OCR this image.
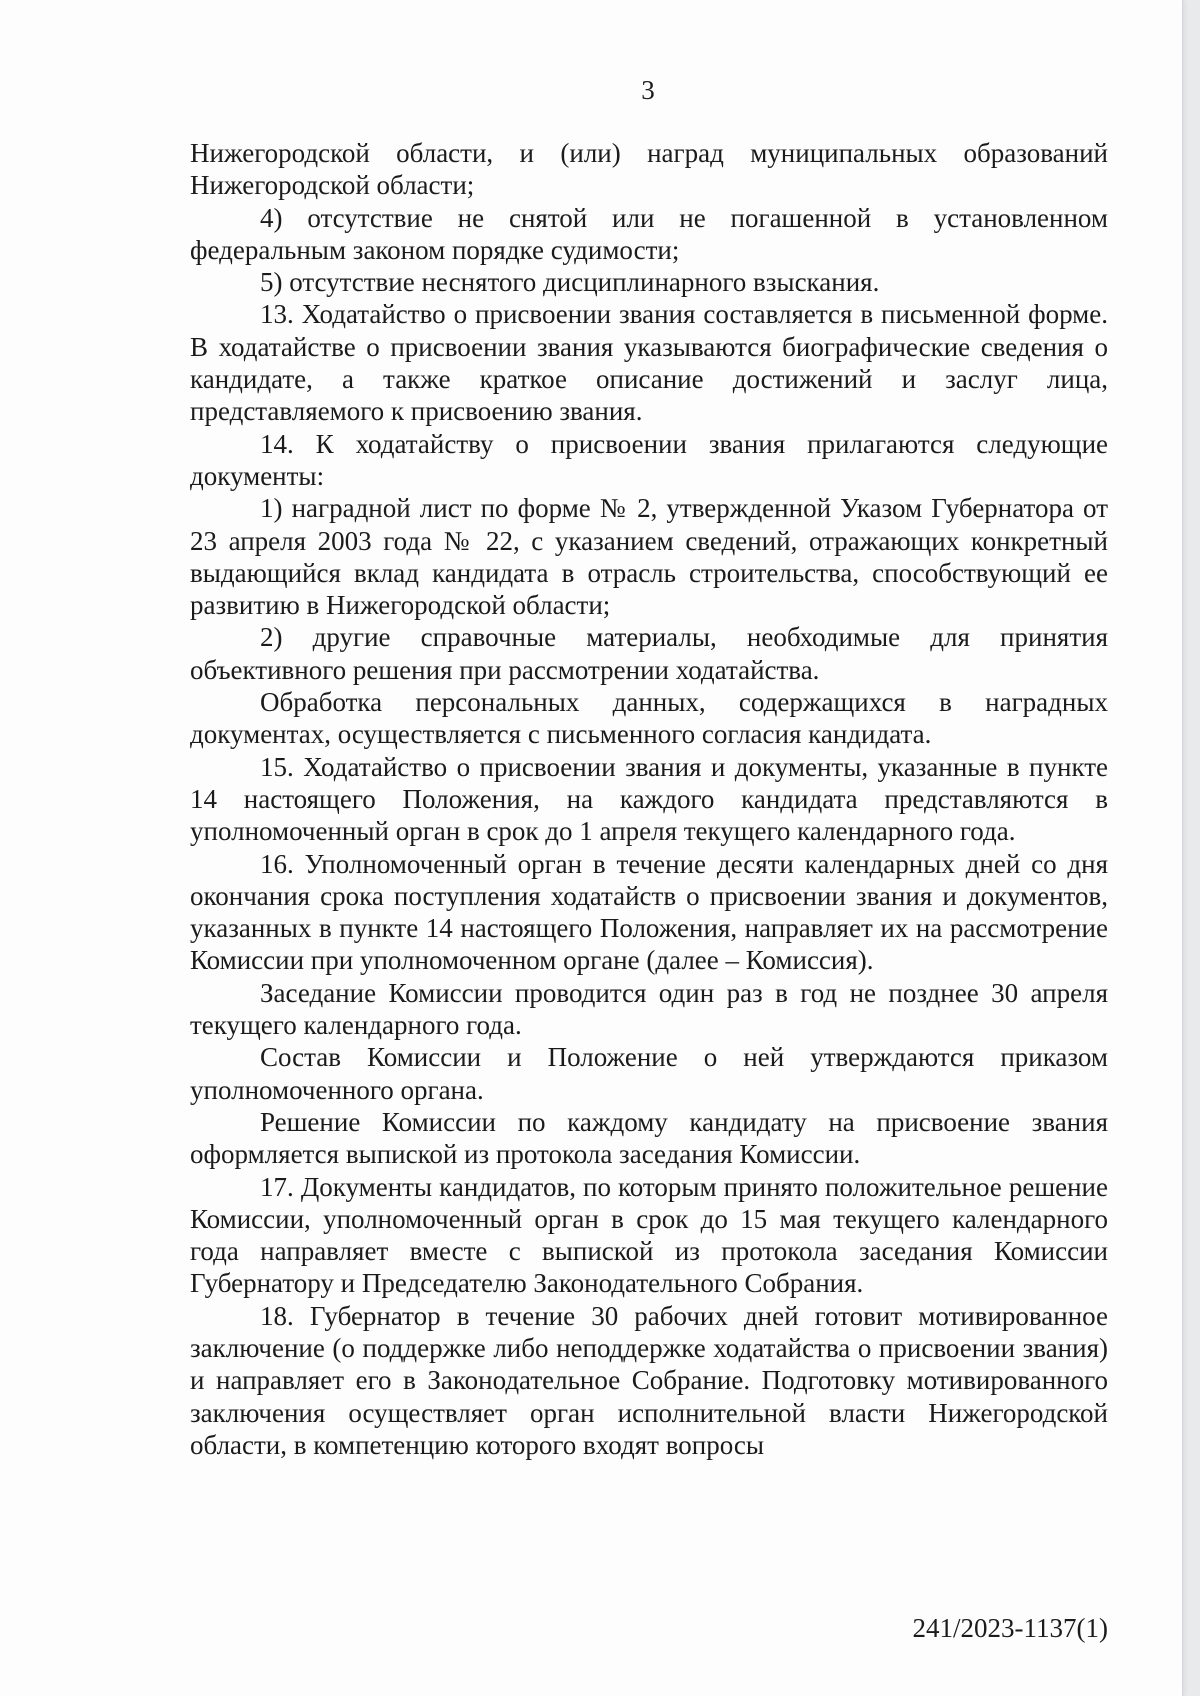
3

Нижегородской области, и (или) наград муниципальных образований Нижегородской области;

4) отсутствие не снятой или не погашенной в установленном федеральным законом порядке судимости;

5) отсутствие неснятого дисциплинарного взыскания.

13. Ходатайство о присвоении звания составляется в письменной форме. В ходатайстве о присвоении звания указываются биографические сведения о кандидате, а также краткое описание достижений и заслуг лица, представляемого к присвоению звания.

14. К ходатайству о присвоении звания прилагаются следующие документы:

1) наградной лист по форме № 2, утвержденной Указом Губернатора от 23 апреля 2003 года № 22, с указанием сведений, отражающих конкретный выдающийся вклад кандидата в отрасль строительства, способствующий ее развитию в Нижегородской области;

2) другие справочные материалы, необходимые для принятия объективного решения при рассмотрении ходатайства.

Обработка персональных данных, содержащихся в наградных документах, осуществляется с письменного согласия кандидата.

15. Ходатайство о присвоении звания и документы, указанные в пункте 14 настоящего Положения, на каждого кандидата представляются в уполномоченный орган в срок до 1 апреля текущего календарного года.

16. Уполномоченный орган в течение десяти календарных дней со дня окончания срока поступления ходатайств о присвоении звания и документов, указанных в пункте 14 настоящего Положения, направляет их на рассмотрение Комиссии при уполномоченном органе (далее – Комиссия).

Заседание Комиссии проводится один раз в год не позднее 30 апреля текущего календарного года.

Состав Комиссии и Положение о ней утверждаются приказом уполномоченного органа.

Решение Комиссии по каждому кандидату на присвоение звания оформляется выпиской из протокола заседания Комиссии.

17. Документы кандидатов, по которым принято положительное решение Комиссии, уполномоченный орган в срок до 15 мая текущего календарного года направляет вместе с выпиской из протокола заседания Комиссии Губернатору и Председателю Законодательного Собрания.

18. Губернатор в течение 30 рабочих дней готовит мотивированное заключение (о поддержке либо неподдержке ходатайства о присвоении звания) и направляет его в Законодательное Собрание. Подготовку мотивированного заключения осуществляет орган исполнительной власти Нижегородской области, в компетенцию которого входят вопросы

241/2023-1137(1)
